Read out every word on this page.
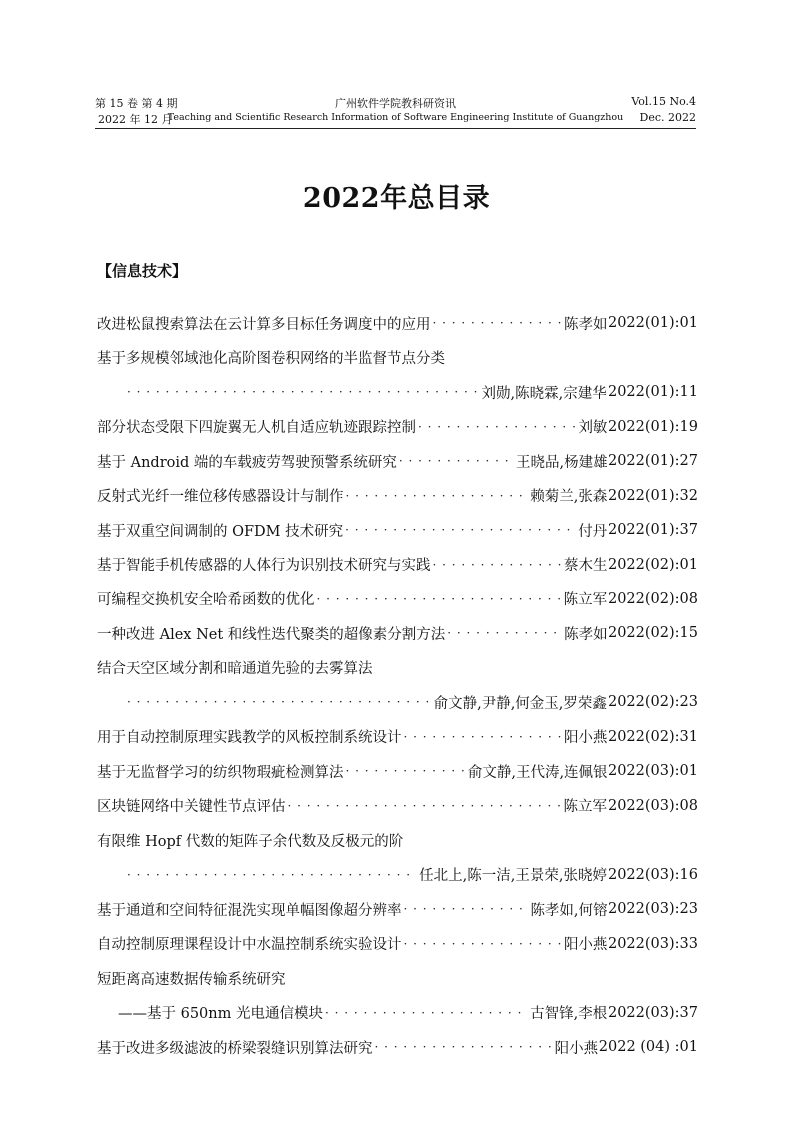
第 15 卷 第 4 期
2022 年 12 月
广州软件学院教科研资讯
Teaching and Scientific Research Information of Software Engineering Institute of Guangzhou
Vol.15 No.4
Dec. 2022
2022年总目录
【信息技术】
改进松鼠搜索算法在云计算多目标任务调度中的应用 · · ·	陈孝如 2022(01):01
基于多规模邻域池化高阶图卷积网络的半监督节点分类
· · ·
刘勋,陈晓霖,宗建华 2022(01):11
部分状态受限下四旋翼无人机自适应轨迹跟踪控制 · · ·	刘敏 2022(01):19
基于 Android 端的车载疲劳驾驶预警系统研究 · · ·	王晓品,杨建雄 2022(01):27
反射式光纤一维位移传感器设计与制作 · · ·	赖菊兰,张森 2022(01):32
基于双重空间调制的 OFDM 技术研究 · · ·	付丹 2022(01):37
基于智能手机传感器的人体行为识别技术研究与实践 · · ·	蔡木生 2022(02):01
可编程交换机安全哈希函数的优化 · · ·	陈立军 2022(02):08
一种改进 Alex Net 和线性迭代聚类的超像素分割方法 · · ·	陈孝如 2022(02):15
结合天空区域分割和暗通道先验的去雾算法
· · ·
俞文静,尹静,何金玉,罗荣鑫 2022(02):23
用于自动控制原理实践教学的风板控制系统设计 · · ·	阳小燕 2022(02):31
基于无监督学习的纺织物瑕疵检测算法 · · ·	俞文静,王代涛,连佩银 2022(03):01
区块链网络中关键性节点评估 · · ·	陈立军 2022(03):08
有限维 Hopf 代数的矩阵子余代数及反极元的阶
· · ·
任北上,陈一洁,王景荣,张晓婷 2022(03):16
基于通道和空间特征混洗实现单幅图像超分辨率 · · ·	陈孝如,何镕 2022(03):23
自动控制原理课程设计中水温控制系统实验设计 · · ·	阳小燕 2022(03):33
短距离高速数据传输系统研究
——基于 650nm 光电通信模块 · · ·	古智锋,李根 2022(03):37
基于改进多级滤波的桥梁裂缝识别算法研究 · · ·	阳小燕 2022 (04) :01
